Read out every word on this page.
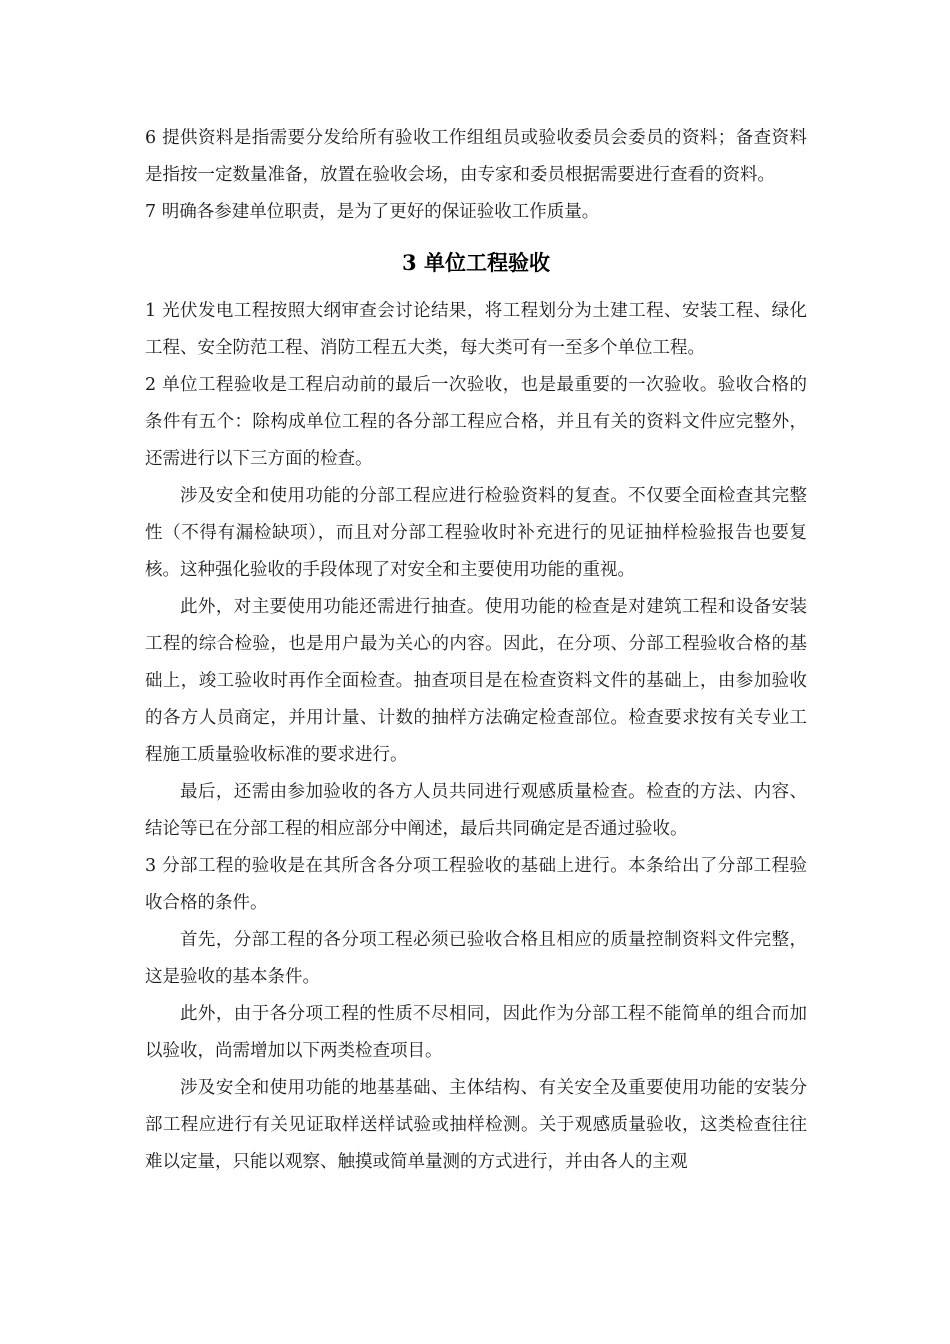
6 提供资料是指需要分发给所有验收工作组组员或验收委员会委员的资料；备查资料是指按一定数量准备，放置在验收会场，由专家和委员根据需要进行查看的资料。

7 明确各参建单位职责，是为了更好的保证验收工作质量。

3 单位工程验收

1 光伏发电工程按照大纲审查会讨论结果，将工程划分为土建工程、安装工程、绿化工程、安全防范工程、消防工程五大类，每大类可有一至多个单位工程。

2 单位工程验收是工程启动前的最后一次验收，也是最重要的一次验收。验收合格的条件有五个：除构成单位工程的各分部工程应合格，并且有关的资料文件应完整外，还需进行以下三方面的检查。

涉及安全和使用功能的分部工程应进行检验资料的复查。不仅要全面检查其完整性（不得有漏检缺项），而且对分部工程验收时补充进行的见证抽样检验报告也要复核。这种强化验收的手段体现了对安全和主要使用功能的重视。

此外，对主要使用功能还需进行抽查。使用功能的检查是对建筑工程和设备安装工程的综合检验，也是用户最为关心的内容。因此，在分项、分部工程验收合格的基础上，竣工验收时再作全面检查。抽查项目是在检查资料文件的基础上，由参加验收的各方人员商定，并用计量、计数的抽样方法确定检查部位。检查要求按有关专业工程施工质量验收标准的要求进行。

最后，还需由参加验收的各方人员共同进行观感质量检查。检查的方法、内容、结论等已在分部工程的相应部分中阐述，最后共同确定是否通过验收。

3 分部工程的验收是在其所含各分项工程验收的基础上进行。本条给出了分部工程验收合格的条件。

首先，分部工程的各分项工程必须已验收合格且相应的质量控制资料文件完整，这是验收的基本条件。

此外，由于各分项工程的性质不尽相同，因此作为分部工程不能简单的组合而加以验收，尚需增加以下两类检查项目。

涉及安全和使用功能的地基基础、主体结构、有关安全及重要使用功能的安装分部工程应进行有关见证取样送样试验或抽样检测。关于观感质量验收，这类检查往往难以定量，只能以观察、触摸或简单量测的方式进行，并由各人的主观
